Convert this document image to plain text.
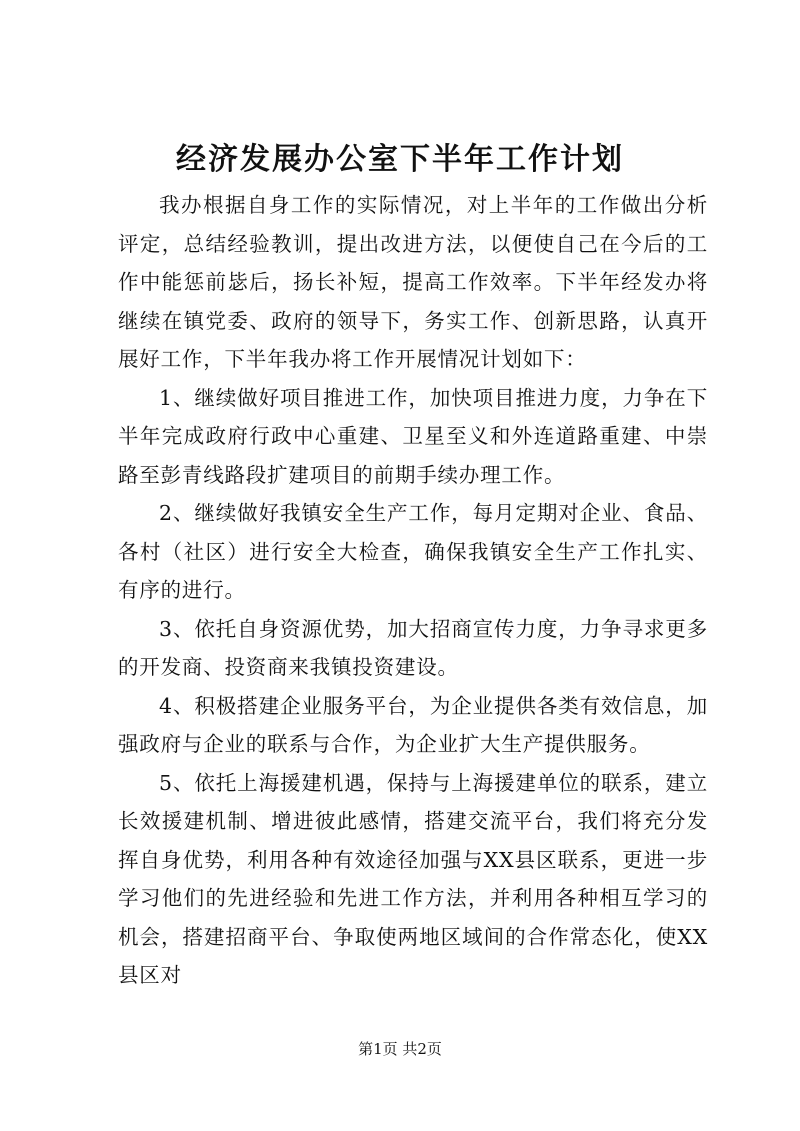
经济发展办公室下半年工作计划

我办根据自身工作的实际情况，对上半年的工作做出分析评定，总结经验教训，提出改进方法，以便使自己在今后的工作中能惩前毖后，扬长补短，提高工作效率。下半年经发办将继续在镇党委、政府的领导下，务实工作、创新思路，认真开展好工作，下半年我办将工作开展情况计划如下：

1、继续做好项目推进工作，加快项目推进力度，力争在下半年完成政府行政中心重建、卫星至义和外连道路重建、中崇路至彭青线路段扩建项目的前期手续办理工作。

2、继续做好我镇安全生产工作，每月定期对企业、食品、各村（社区）进行安全大检查，确保我镇安全生产工作扎实、有序的进行。

3、依托自身资源优势，加大招商宣传力度，力争寻求更多的开发商、投资商来我镇投资建设。

4、积极搭建企业服务平台，为企业提供各类有效信息，加强政府与企业的联系与合作，为企业扩大生产提供服务。

5、依托上海援建机遇，保持与上海援建单位的联系，建立长效援建机制、增进彼此感情，搭建交流平台，我们将充分发挥自身优势，利用各种有效途径加强与XX县区联系，更进一步学习他们的先进经验和先进工作方法，并利用各种相互学习的机会，搭建招商平台、争取使两地区域间的合作常态化，使XX县区对

第1页 共2页
